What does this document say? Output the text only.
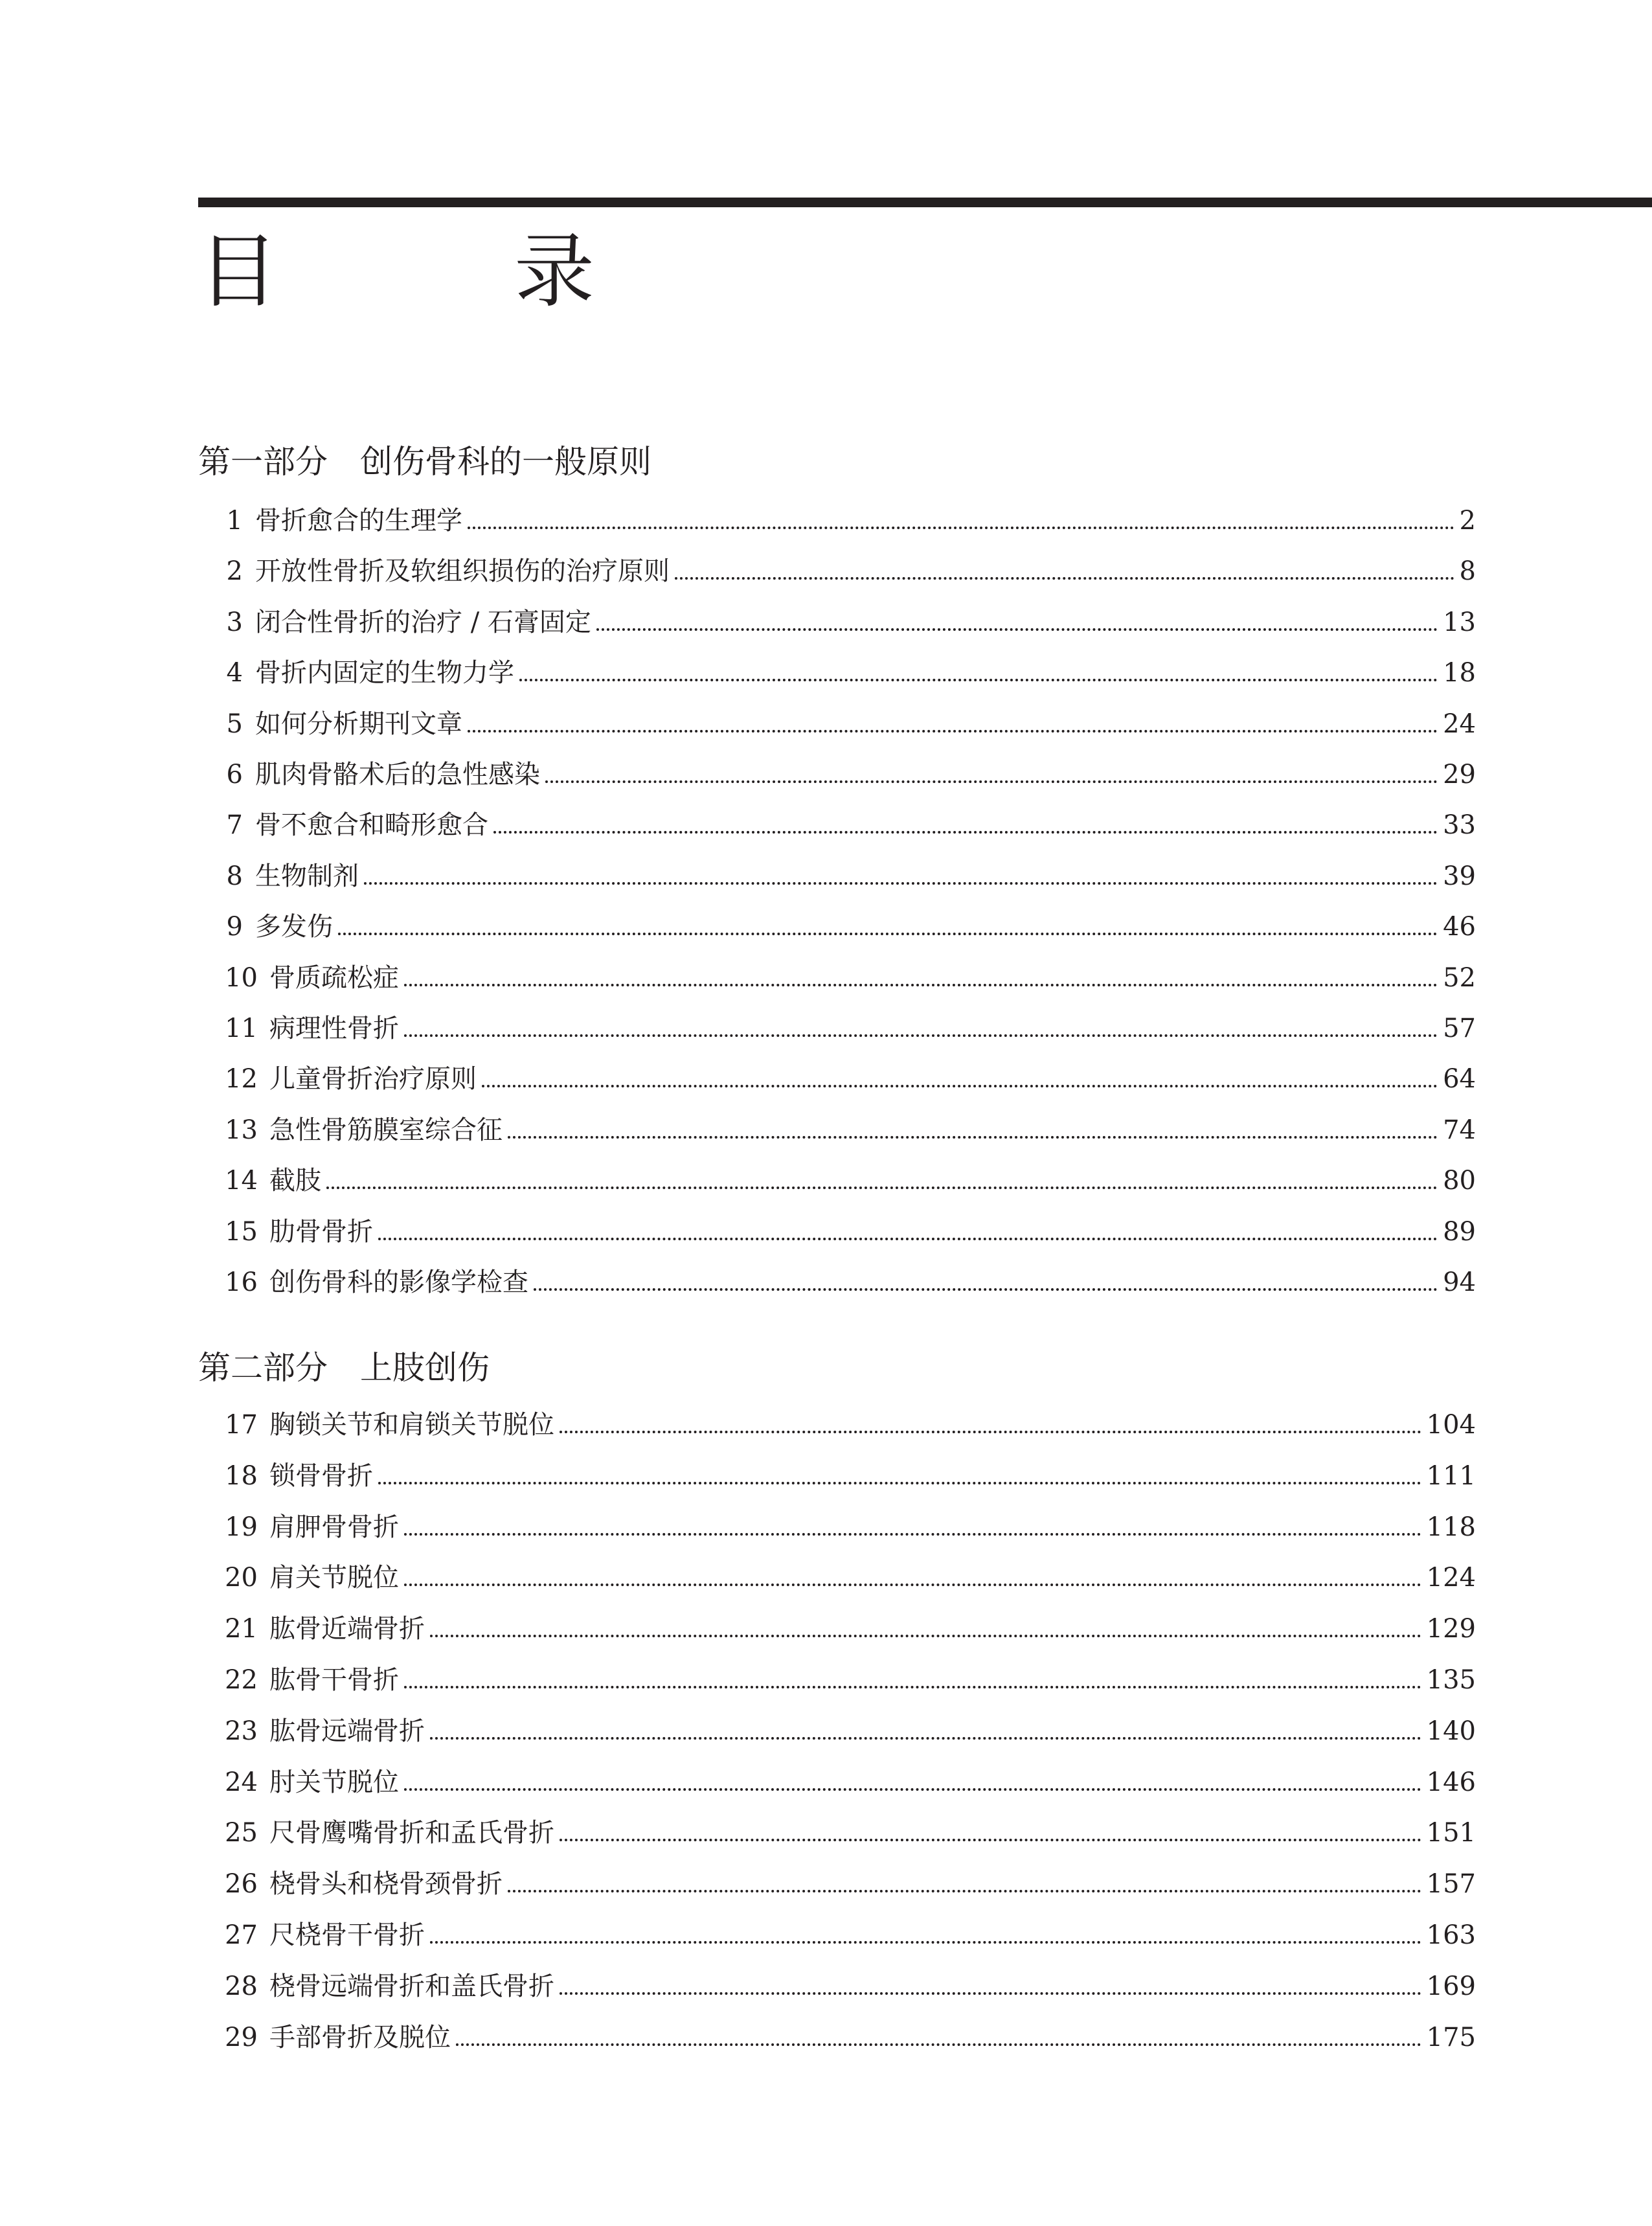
目　录
第一部分 创伤骨科的一般原则
1 骨折愈合的生理学	2
2 开放性骨折及软组织损伤的治疗原则	8
3 闭合性骨折的治疗 / 石膏固定	13
4 骨折内固定的生物力学	18
5 如何分析期刊文章	24
6 肌肉骨骼术后的急性感染	29
7 骨不愈合和畸形愈合	33
8 生物制剂	39
9 多发伤	46
10 骨质疏松症	52
11 病理性骨折	57
12 儿童骨折治疗原则	64
13 急性骨筋膜室综合征	74
14 截肢	80
15 肋骨骨折	89
16 创伤骨科的影像学检查	94
第二部分 上肢创伤
17 胸锁关节和肩锁关节脱位	104
18 锁骨骨折	111
19 肩胛骨骨折	118
20 肩关节脱位	124
21 肱骨近端骨折	129
22 肱骨干骨折	135
23 肱骨远端骨折	140
24 肘关节脱位	146
25 尺骨鹰嘴骨折和孟氏骨折	151
26 桡骨头和桡骨颈骨折	157
27 尺桡骨干骨折	163
28 桡骨远端骨折和盖氏骨折	169
29 手部骨折及脱位	175
